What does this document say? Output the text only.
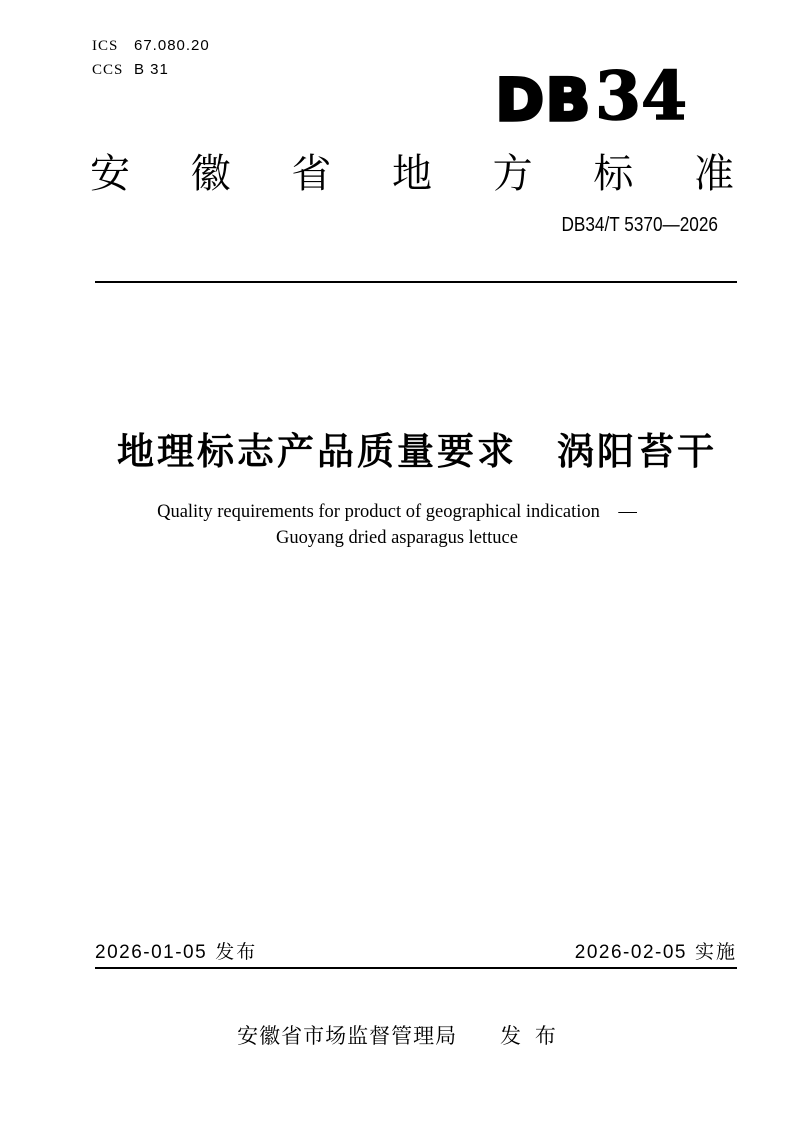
ICS	67.080.20
CCS B 31	DB 34
安徽省地方标准
DB34/T 5370—2026
地理标志产品质量要求　涡阳苔干
Quality requirements for product of geographical indication　—
Guoyang dried asparagus lettuce
2026-01-05 发布	2026-02-05 实施
安徽省市场监督管理局 发 布
